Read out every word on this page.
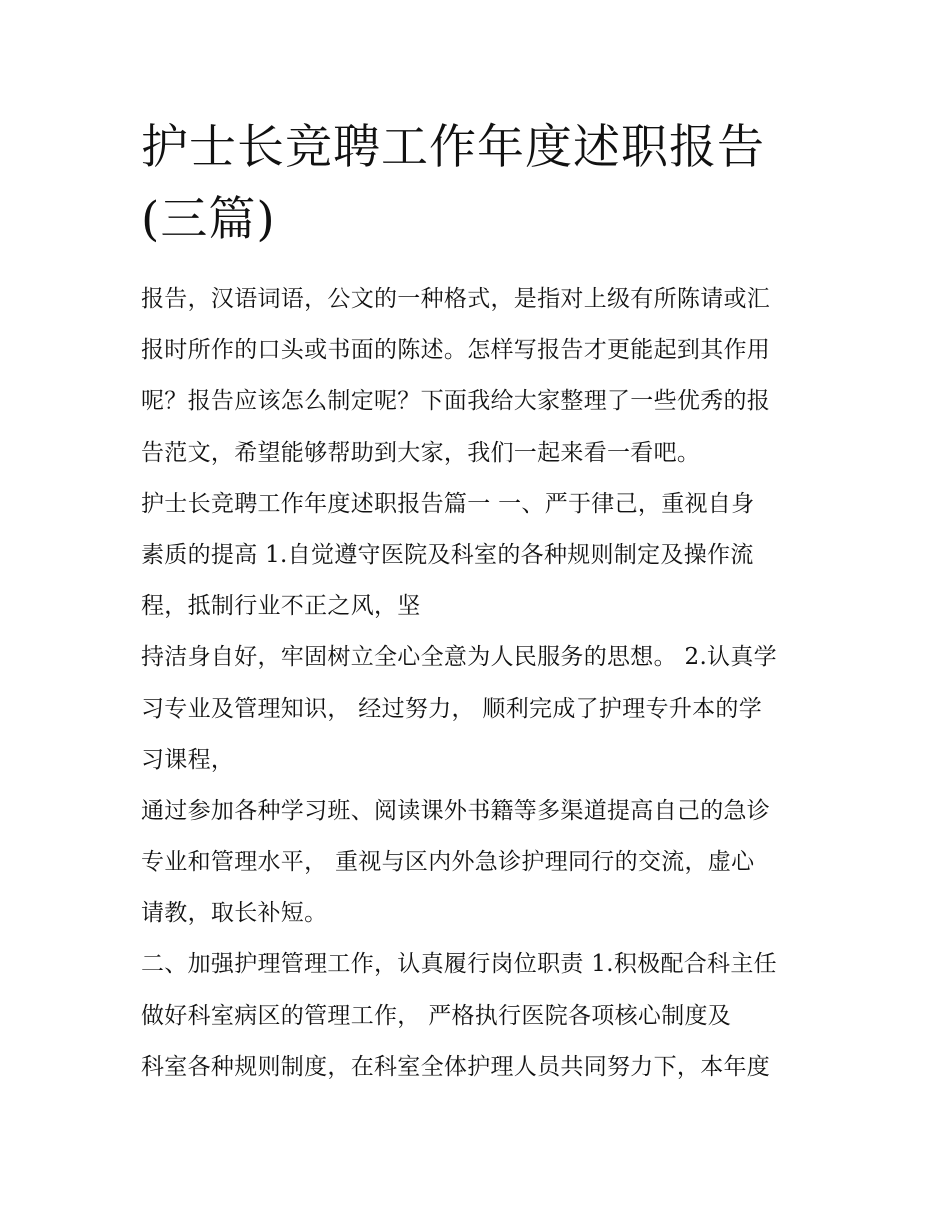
护士长竞聘工作年度述职报告
(三篇)
报告，汉语词语，公文的一种格式，是指对上级有所陈请或汇
报时所作的口头或书面的陈述。怎样写报告才更能起到其作用
呢？报告应该怎么制定呢？下面我给大家整理了一些优秀的报
告范文，希望能够帮助到大家，我们一起来看一看吧。
护士长竞聘工作年度述职报告篇一 一、严于律己，重视自身
素质的提高 1.自觉遵守医院及科室的各种规则制定及操作流
程，抵制行业不正之风，坚
持洁身自好，牢固树立全心全意为人民服务的思想。 2.认真学
习专业及管理知识， 经过努力， 顺利完成了护理专升本的学
习课程，
通过参加各种学习班、阅读课外书籍等多渠道提高自己的急诊
专业和管理水平， 重视与区内外急诊护理同行的交流，虚心
请教，取长补短。
二、加强护理管理工作，认真履行岗位职责 1.积极配合科主任
做好科室病区的管理工作， 严格执行医院各项核心制度及
科室各种规则制度，在科室全体护理人员共同努力下，本年度
